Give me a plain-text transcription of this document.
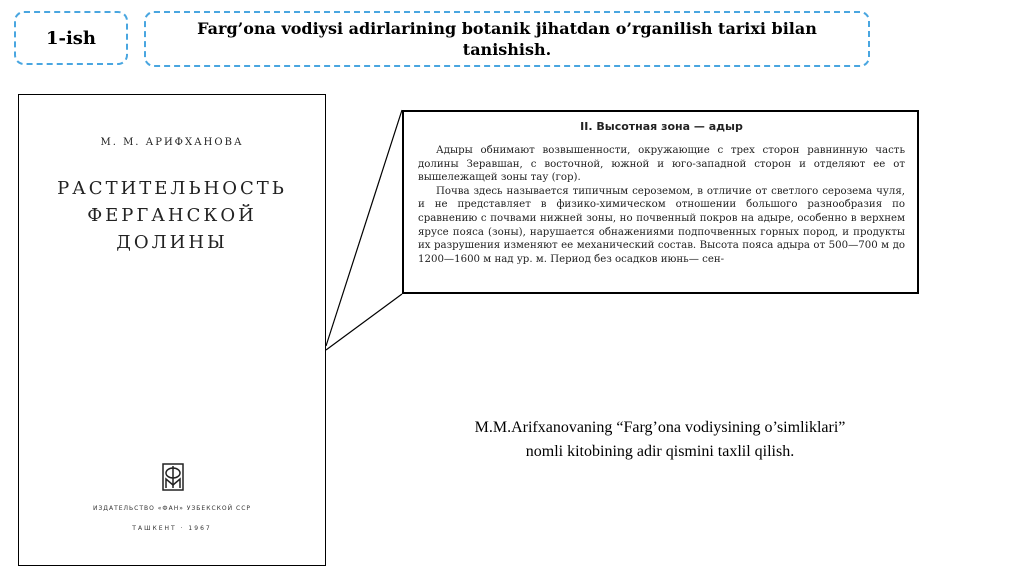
1-ish	Farg’ona vodiysi adirlarining botanik jihatdan o’rganilish tarixi bilan tanishish.
М. М. АРИФХАНОВА
РАСТИТЕЛЬНОСТЬ
ФЕРГАНСКОЙ
ДОЛИНЫ
ИЗДАТЕЛЬСТВО «ФАН» УЗБЕКСКОЙ ССР
ТАШКЕНТ · 1967
II. Высотная зона — адыр

Адыры обнимают возвышенности, окружающие с трех сторон равнинную часть долины Зеравшан, с восточной, южной и юго-западной сторон и отделяют ее от вышележащей зоны тау (гор).

Почва здесь называется типичным сероземом, в отличие от светлого серозема чуля, и не представляет в физико-химическом отношении большого разнообразия по сравнению с почвами нижней зоны, но почвенный покров на адыре, особенно в верхнем ярусе пояса (зоны), нарушается обнажениями подпочвенных горных пород, и продукты их разрушения изменяют ее механический состав. Высота пояса адыра от 500—700 м до 1200—1600 м над ур. м. Период без осадков июнь— сен-

M.M.Arifxanovaning “Farg’ona vodiysining o’simliklari”
nomli kitobining adir qismini taxlil qilish.
